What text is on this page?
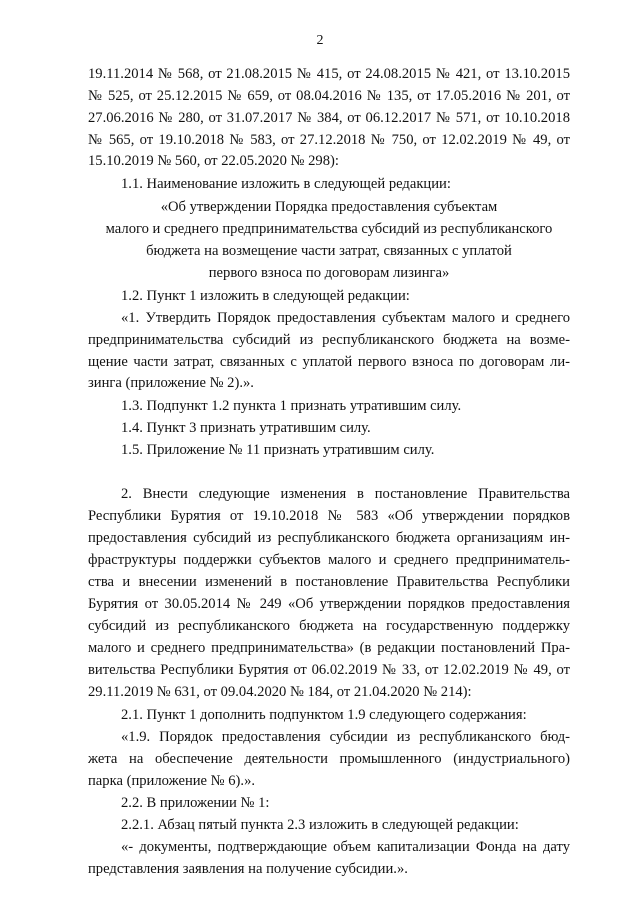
2
19.11.2014 № 568, от 21.08.2015 № 415, от 24.08.2015 № 421, от 13.10.2015
№ 525, от 25.12.2015 № 659, от 08.04.2016 № 135, от 17.05.2016 № 201, от
27.06.2016 № 280, от 31.07.2017 № 384, от 06.12.2017 № 571, от 10.10.2018
№ 565, от 19.10.2018 № 583, от 27.12.2018 № 750, от 12.02.2019 № 49, от
15.10.2019 № 560, от 22.05.2020 № 298):
1.1. Наименование изложить в следующей редакции:
«Об утверждении Порядка предоставления субъектам
малого и среднего предпринимательства субсидий из республиканского
бюджета на возмещение части затрат, связанных с уплатой
первого взноса по договорам лизинга»
1.2. Пункт 1 изложить в следующей редакции:
«1. Утвердить Порядок предоставления субъектам малого и среднего
предпринимательства субсидий из республиканского бюджета на возме-
щение части затрат, связанных с уплатой первого взноса по договорам ли-
зинга (приложение № 2).».
1.3. Подпункт 1.2 пункта 1 признать утратившим силу.
1.4. Пункт 3 признать утратившим силу.
1.5. Приложение № 11 признать утратившим силу.
2. Внести следующие изменения в постановление Правительства
Республики Бурятия от 19.10.2018 № 583 «Об утверждении порядков
предоставления субсидий из республиканского бюджета организациям ин-
фраструктуры поддержки субъектов малого и среднего предприниматель-
ства и внесении изменений в постановление Правительства Республики
Бурятия от 30.05.2014 № 249 «Об утверждении порядков предоставления
субсидий из республиканского бюджета на государственную поддержку
малого и среднего предпринимательства» (в редакции постановлений Пра-
вительства Республики Бурятия от 06.02.2019 № 33, от 12.02.2019 № 49, от
29.11.2019 № 631, от 09.04.2020 № 184, от 21.04.2020 № 214):
2.1. Пункт 1 дополнить подпунктом 1.9 следующего содержания:
«1.9. Порядок предоставления субсидии из республиканского бюд-
жета на обеспечение деятельности промышленного (индустриального)
парка (приложение № 6).».
2.2. В приложении № 1:
2.2.1. Абзац пятый пункта 2.3 изложить в следующей редакции:
«- документы, подтверждающие объем капитализации Фонда на дату
представления заявления на получение субсидии.».
